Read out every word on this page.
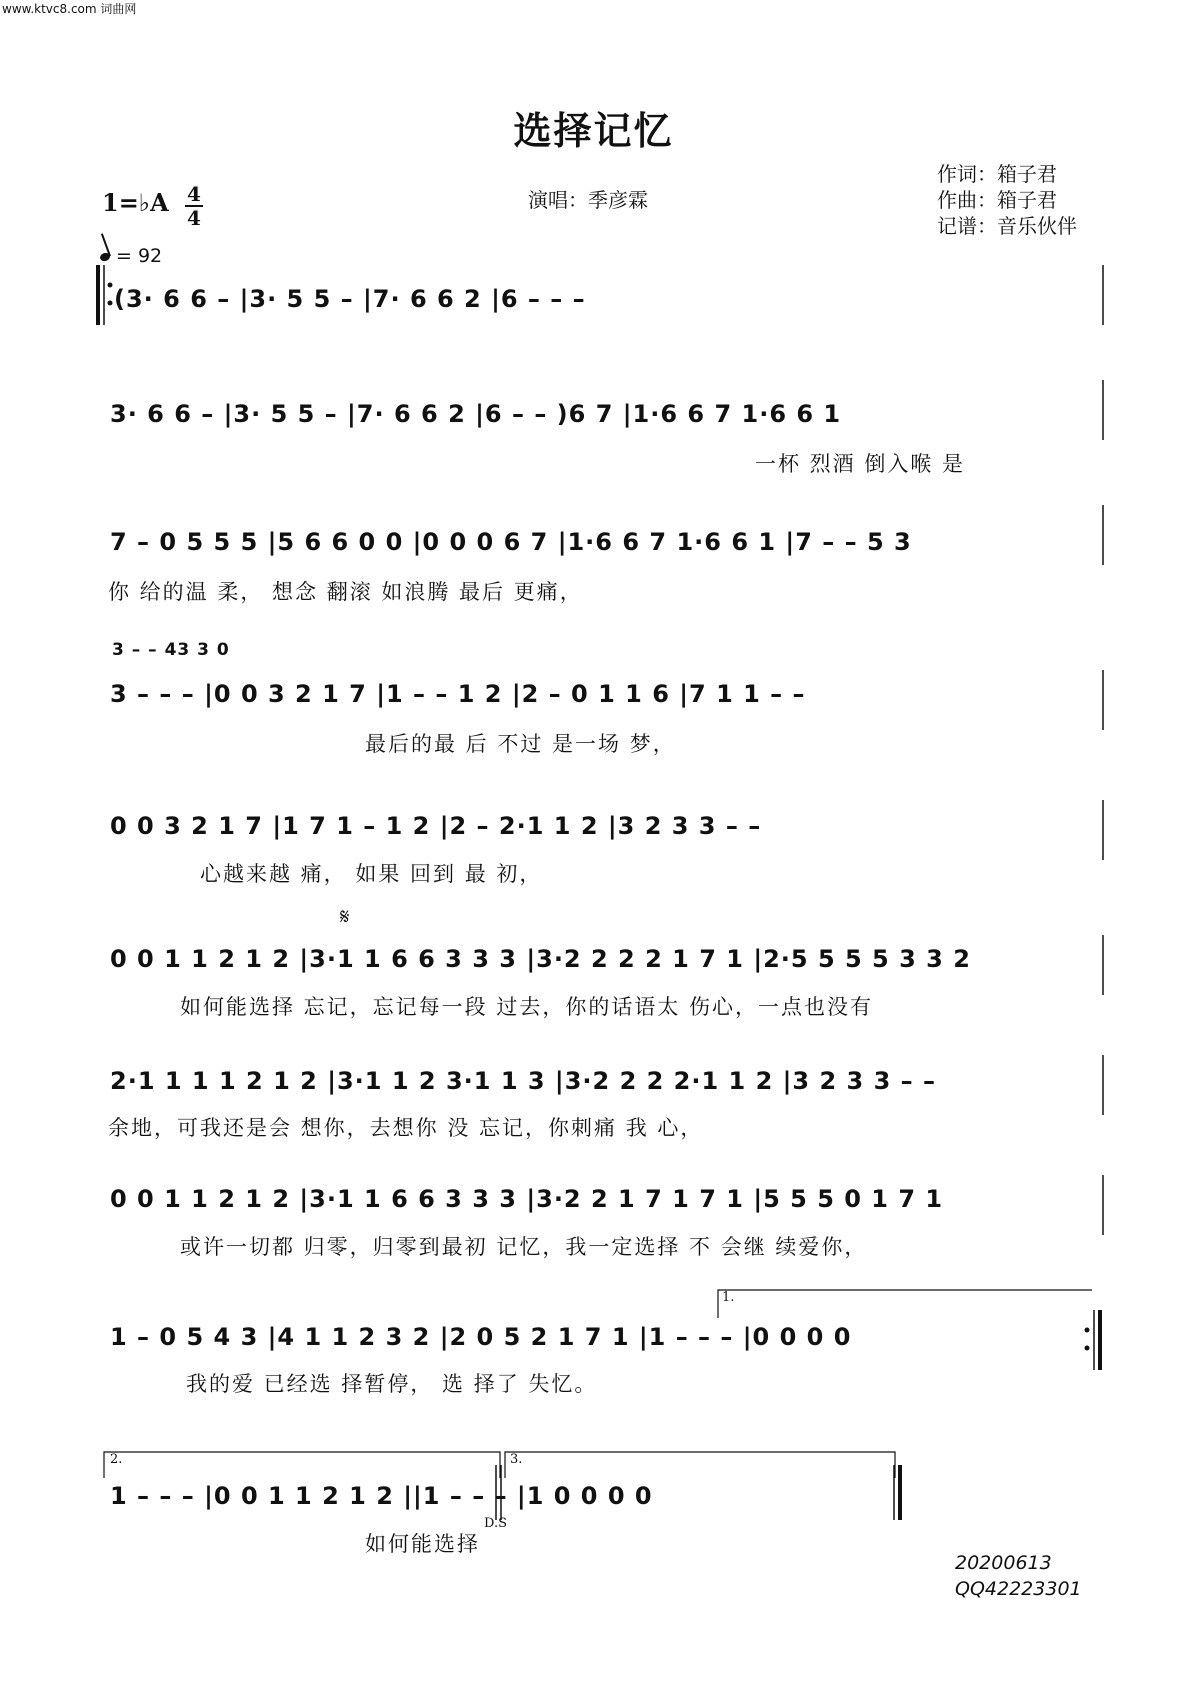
www.ktvc8.com 词曲网
选择记忆
1=♭A 4
4
= 92
演唱：季彦霖
作词：箱子君
作曲：箱子君
记谱：音乐伙伴
(3· 6 6 – |3· 5 5 – |7· 6 6 2 |6 – – –
3· 6 6 – |3· 5 5 – |7· 6 6 2 |6 – – )6 7 |1·6 6 7 1·6 6 1
一杯 烈酒 倒入喉 是
7 – 0 5 5 5 |5 6 6 0 0 |0 0 0 6 7 |1·6 6 7 1·6 6 1 |7 – – 5 3
你 给的温 柔， 想念 翻滚 如浪腾 最后 更痛，
3 – – 43 3 0
3 – – – |0 0 3 2 1 7 |1 – – 1 2 |2 – 0 1 1 6 |7 1 1 – –
最后的最 后 不过 是一场 梦，
0 0 3 2 1 7 |1 7 1 – 1 2 |2 – 2·1 1 2 |3 2 3 3 – –
心越来越 痛， 如果 回到 最 初，
𝄋
0 0 1 1 2 1 2 |3·1 1 6 6 3 3 3 |3·2 2 2 2 1 7 1 |2·5 5 5 5 3 3 2
如何能选择 忘记，忘记每一段 过去，你的话语太 伤心，一点也没有
2·1 1 1 1 2 1 2 |3·1 1 2 3·1 1 3 |3·2 2 2 2·1 1 2 |3 2 3 3 – –
余地，可我还是会 想你，去想你 没 忘记，你刺痛 我 心，
0 0 1 1 2 1 2 |3·1 1 6 6 3 3 3 |3·2 2 1 7 1 7 1 |5 5 5 0 1 7 1
或许一切都 归零，归零到最初 记忆，我一定选择 不 会继 续爱你，
1.
1 – 0 5 4 3 |4 1 1 2 3 2 |2 0 5 2 1 7 1 |1 – – – |0 0 0 0
我的爱 已经选 择暂停， 选 择了 失忆。
2.	3.
1 – – – |0 0 1 1 2 1 2 ||1 – – – |1 0 0 0 0
D.S
如何能选择
20200613
QQ42223301
